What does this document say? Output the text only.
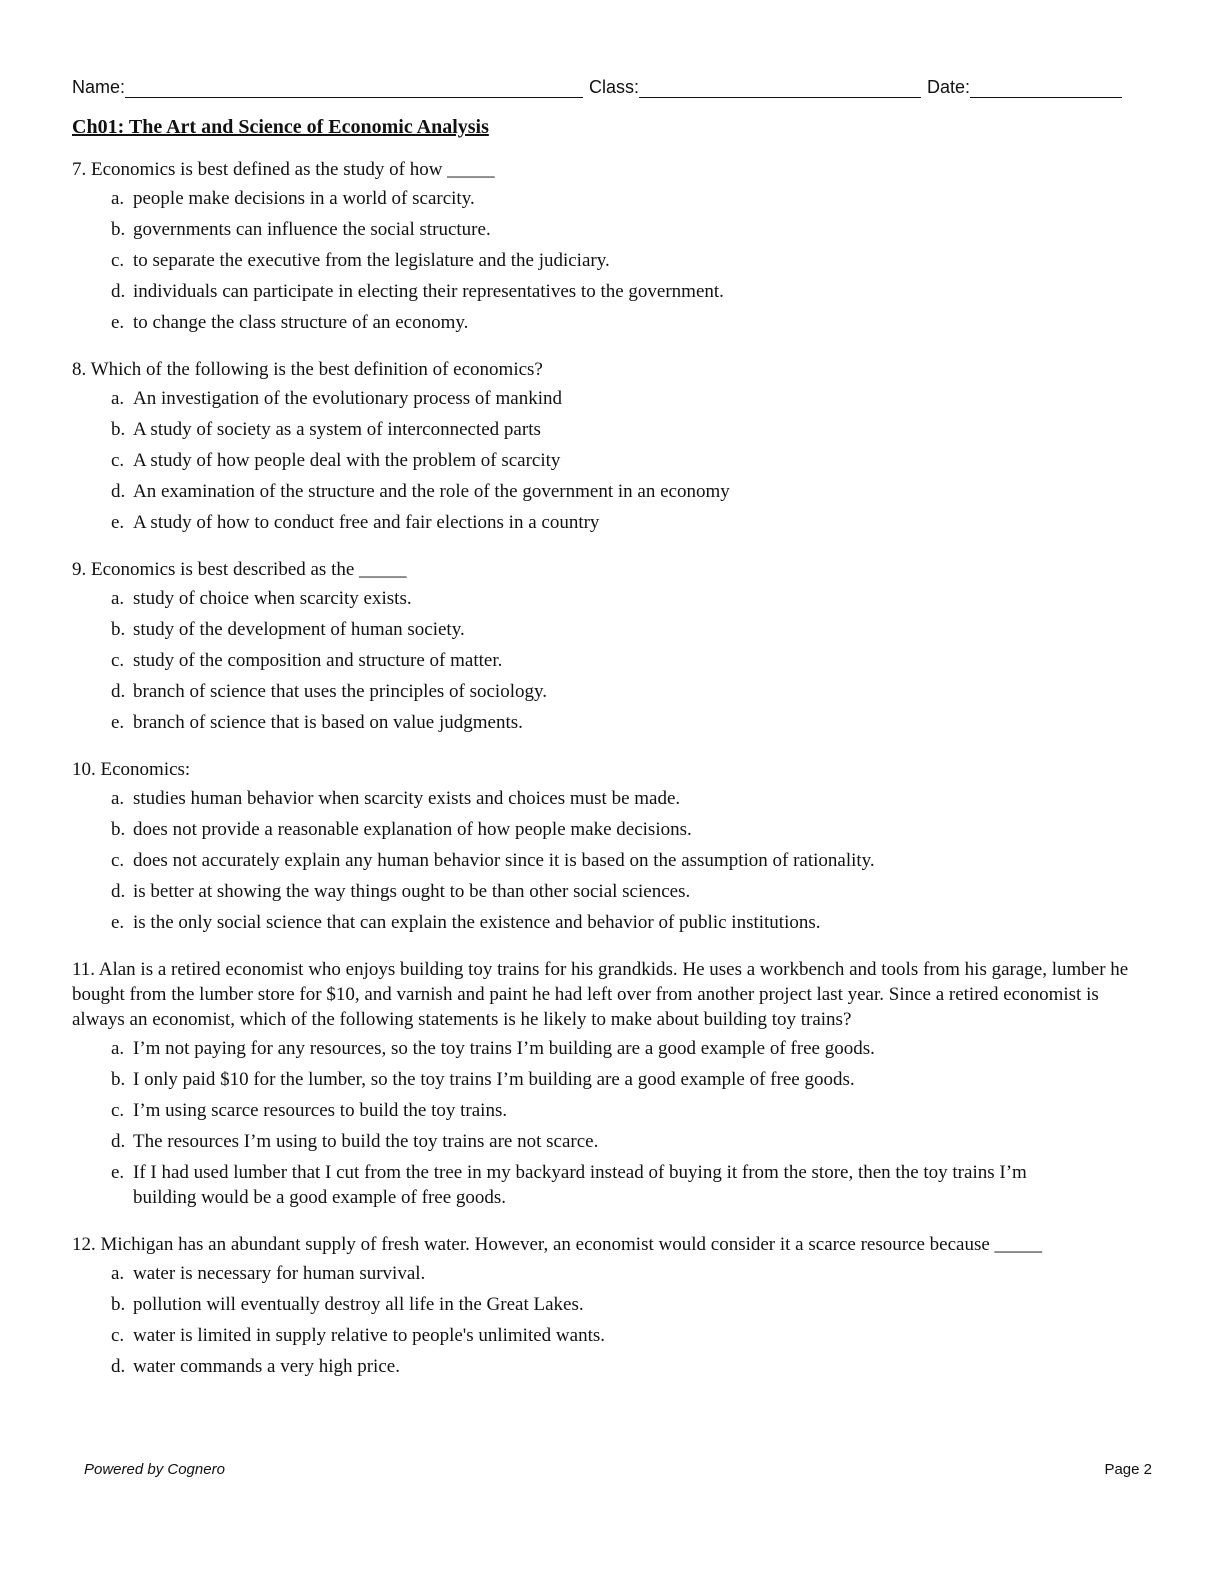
Name:	Class:	Date:
Ch01: The Art and Science of Economic Analysis
7. Economics is best defined as the study of how _____
a. people make decisions in a world of scarcity.
b. governments can influence the social structure.
c. to separate the executive from the legislature and the judiciary.
d. individuals can participate in electing their representatives to the government.
e. to change the class structure of an economy.
8. Which of the following is the best definition of economics?
a. An investigation of the evolutionary process of mankind
b. A study of society as a system of interconnected parts
c. A study of how people deal with the problem of scarcity
d. An examination of the structure and the role of the government in an economy
e. A study of how to conduct free and fair elections in a country
9. Economics is best described as the _____
a. study of choice when scarcity exists.
b. study of the development of human society.
c. study of the composition and structure of matter.
d. branch of science that uses the principles of sociology.
e. branch of science that is based on value judgments.
10. Economics:
a. studies human behavior when scarcity exists and choices must be made.
b. does not provide a reasonable explanation of how people make decisions.
c. does not accurately explain any human behavior since it is based on the assumption of rationality.
d. is better at showing the way things ought to be than other social sciences.
e. is the only social science that can explain the existence and behavior of public institutions.
11. Alan is a retired economist who enjoys building toy trains for his grandkids. He uses a workbench and tools from his garage, lumber he bought from the lumber store for $10, and varnish and paint he had left over from another project last year. Since a retired economist is always an economist, which of the following statements is he likely to make about building toy trains?
a. I’m not paying for any resources, so the toy trains I’m building are a good example of free goods.
b. I only paid $10 for the lumber, so the toy trains I’m building are a good example of free goods.
c. I’m using scarce resources to build the toy trains.
d. The resources I’m using to build the toy trains are not scarce.
e. If I had used lumber that I cut from the tree in my backyard instead of buying it from the store, then the toy trains I’m building would be a good example of free goods.
12. Michigan has an abundant supply of fresh water. However, an economist would consider it a scarce resource because _____
a. water is necessary for human survival.
b. pollution will eventually destroy all life in the Great Lakes.
c. water is limited in supply relative to people's unlimited wants.
d. water commands a very high price.
Powered by Cognero	Page 2
